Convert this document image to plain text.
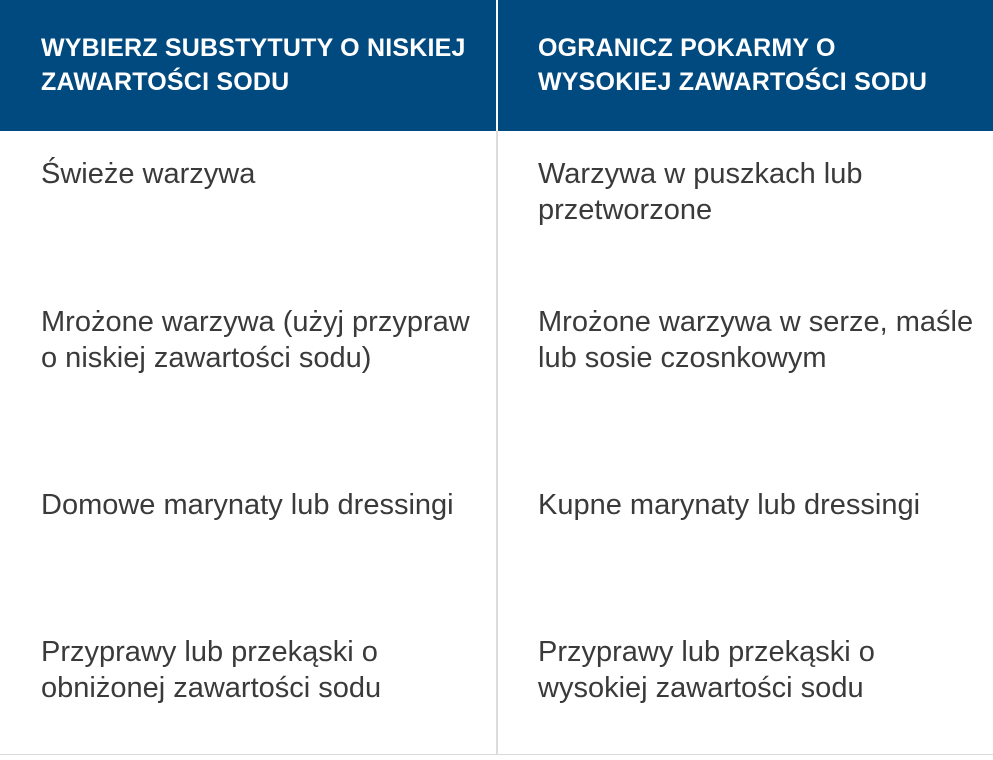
WYBIERZ SUBSTYTUTY O NISKIEJ ZAWARTOŚCI SODU
OGRANICZ POKARMY O WYSOKIEJ ZAWARTOŚCI SODU
Świeże warzywa	Warzywa w puszkach lub przetworzone
Mrożone warzywa (użyj przypraw o niskiej zawartości sodu)
Mrożone warzywa w serze, maśle lub sosie czosnkowym
Domowe marynaty lub dressingi	Kupne marynaty lub dressingi
Przyprawy lub przekąski o obniżonej zawartości sodu
Przyprawy lub przekąski o wysokiej zawartości sodu
